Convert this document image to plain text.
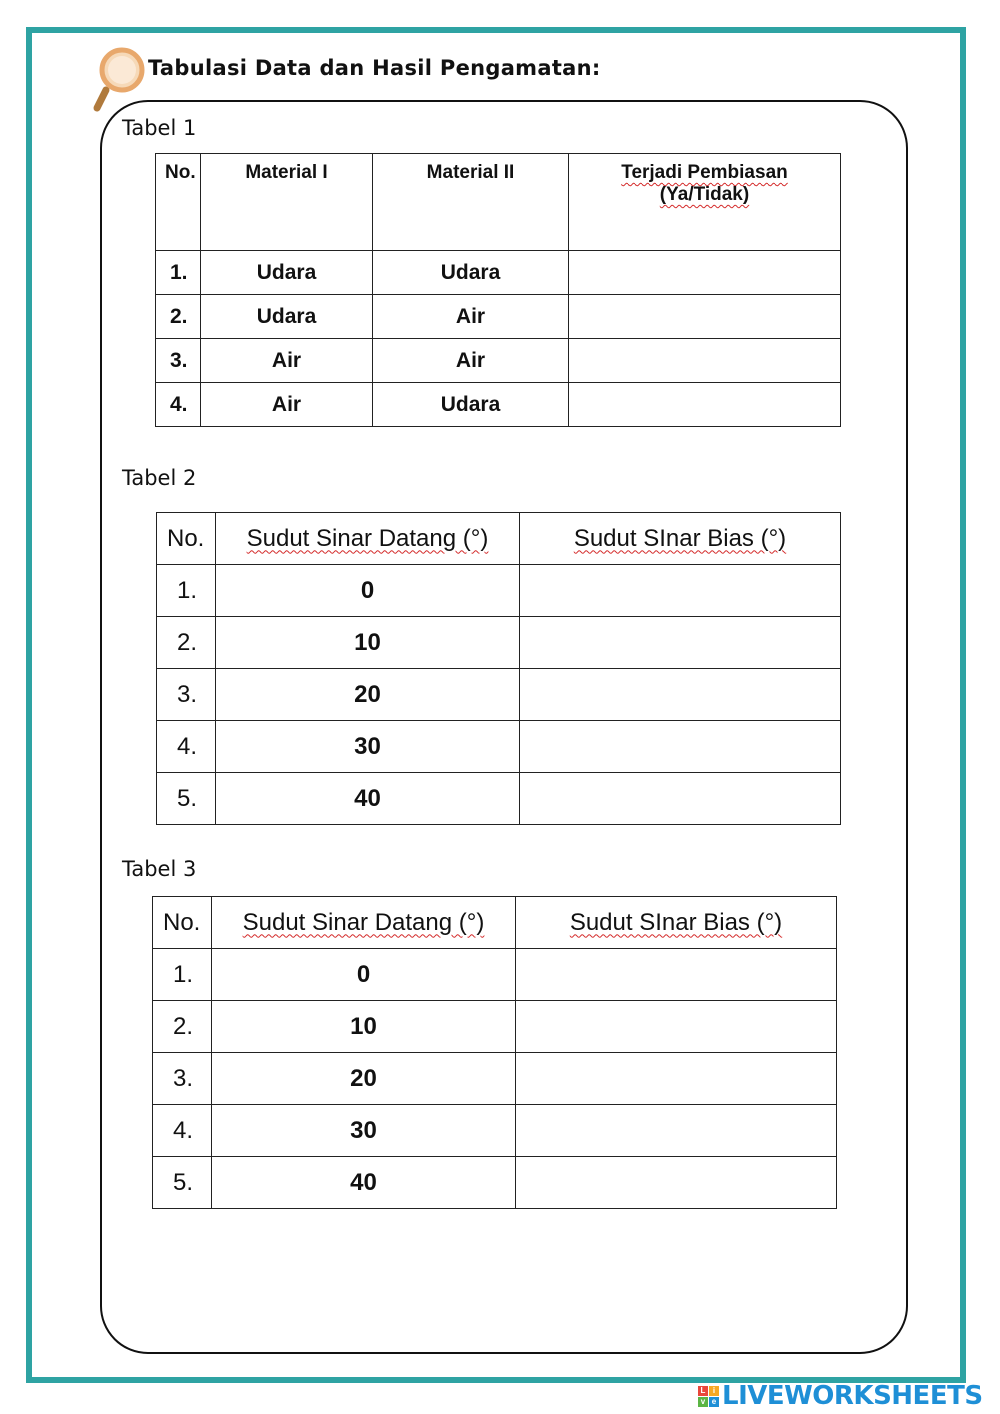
Tabulasi Data dan Hasil Pengamatan:
Tabel 1
No.	Material I	Material II	Terjadi Pembiasan
(Ya/Tidak)
1.	Udara	Udara	
2.	Udara	Air	
3.	Air	Air	
4.	Air	Udara	
Tabel 2
No.	Sudut Sinar Datang (°)	Sudut SInar Bias (°)
1.	0	
2.	10	
3.	20	
4.	30	
5.	40	
Tabel 3
No.	Sudut Sinar Datang (°)	Sudut SInar Bias (°)
1.	0	
2.	10	
3.	20	
4.	30	
5.	40	
L i
v e LIVEWORKSHEETS
